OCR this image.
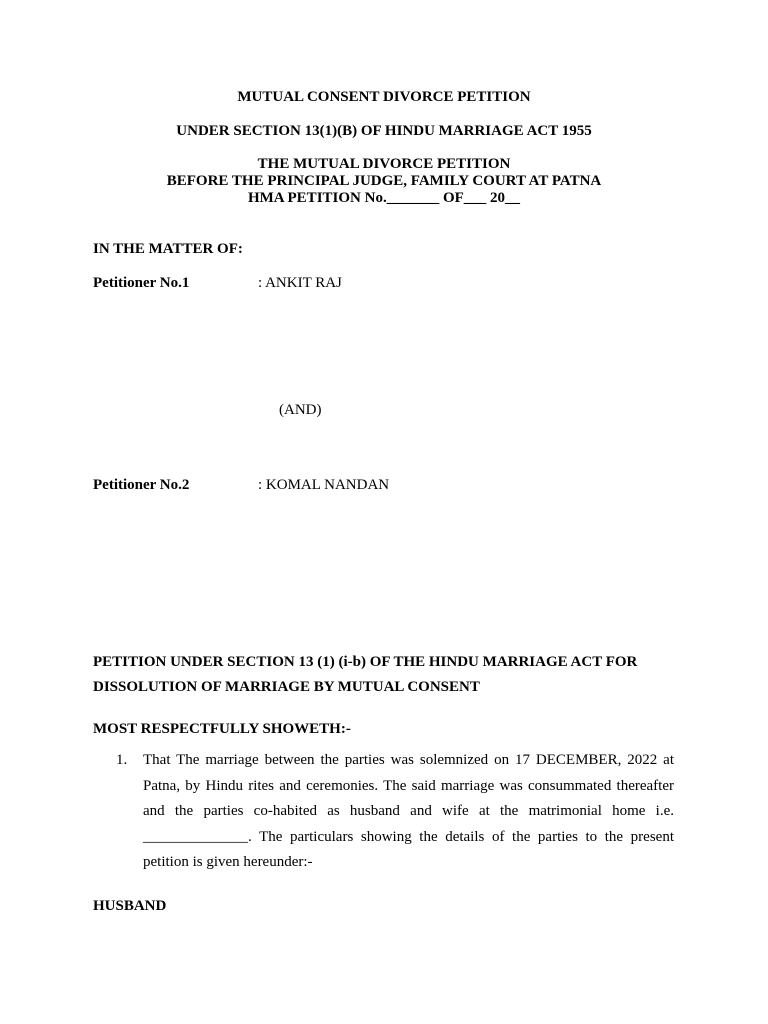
MUTUAL CONSENT DIVORCE PETITION
UNDER SECTION 13(1)(B) OF HINDU MARRIAGE ACT 1955
THE MUTUAL DIVORCE PETITION
BEFORE THE PRINCIPAL JUDGE, FAMILY COURT AT PATNA
HMA PETITION No._______ OF___ 20__
IN THE MATTER OF:
Petitioner No.1	: ANKIT RAJ
(AND)
Petitioner No.2	: KOMAL NANDAN
PETITION UNDER SECTION 13 (1) (i-b) OF THE HINDU MARRIAGE ACT FOR
DISSOLUTION OF MARRIAGE BY MUTUAL CONSENT
MOST RESPECTFULLY SHOWETH:-
1. That The marriage between the parties was solemnized on 17 DECEMBER, 2022 at Patna, by Hindu rites and ceremonies. The said marriage was consummated thereafter and the parties co-habited as husband and wife at the matrimonial home i.e. ______________. The particulars showing the details of the parties to the present petition is given hereunder:-
HUSBAND
